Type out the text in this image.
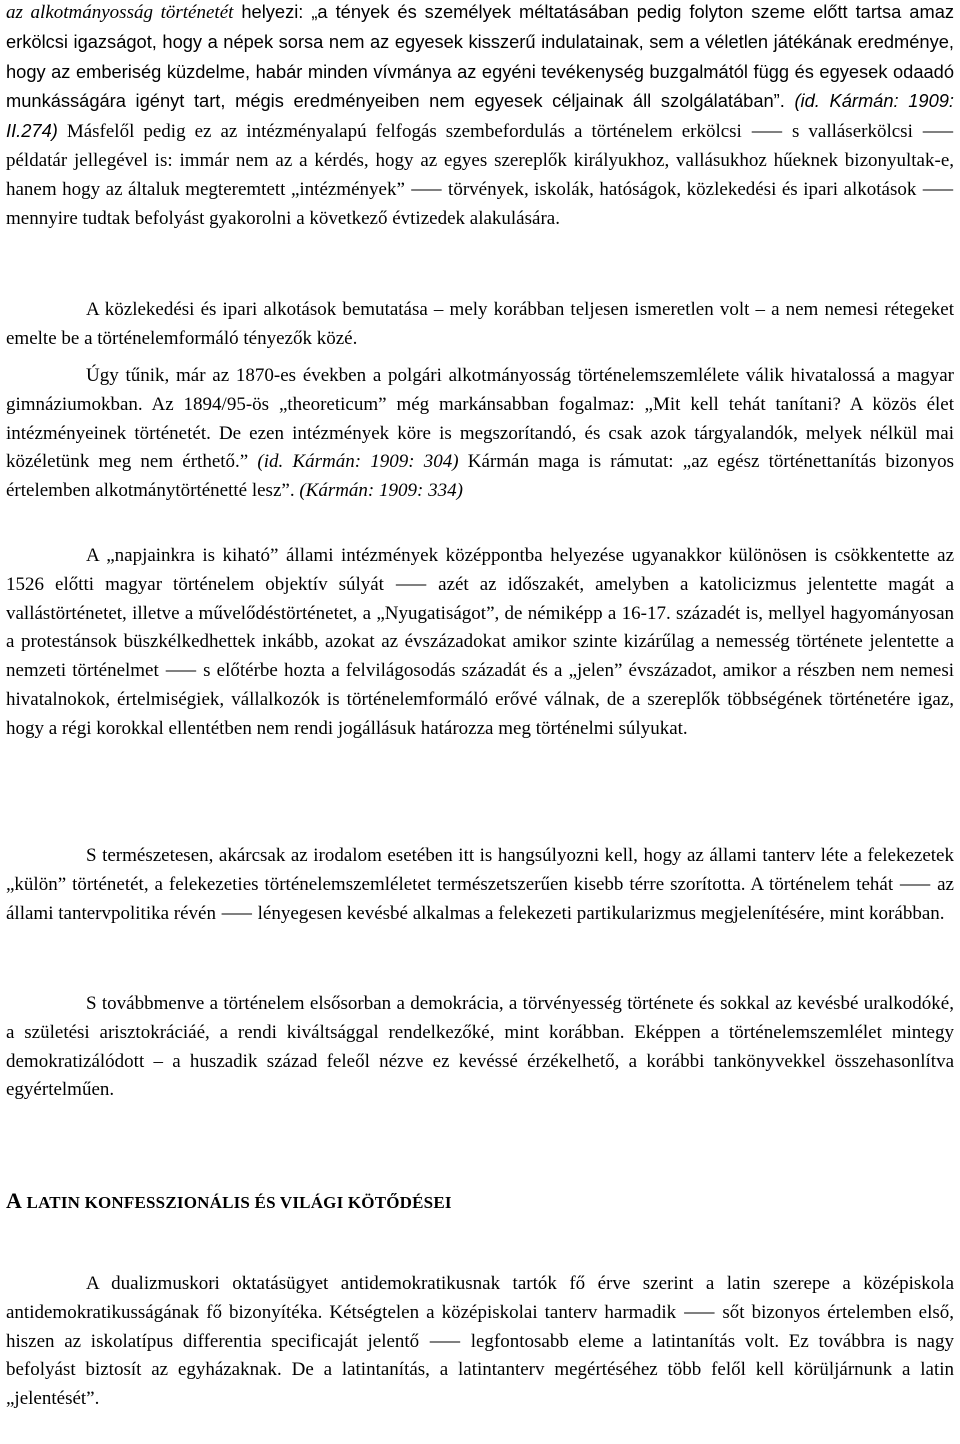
az alkotmányosság történetét helyezi: „a tények és személyek méltatásában pedig folyton szeme előtt tartsa amaz erkölcsi igazságot, hogy a népek sorsa nem az egyesek kisszerű indulatainak, sem a véletlen játékának eredménye, hogy az emberiség küzdelme, habár minden vívmánya az egyéni tevékenység buzgalmától függ és egyesek odaadó munkásságára igényt tart, mégis eredményeiben nem egyesek céljainak áll szolgálatában”. (id. Kármán: 1909: II.274) Másfelől pedig ez az intézményalapú felfogás szembefordulás a történelem erkölcsi ⸺ s valláserkölcsi ⸺ példatár jellegével is: immár nem az a kérdés, hogy az egyes szereplők királyukhoz, vallásukhoz hűeknek bizonyultak-e, hanem hogy az általuk megteremtett „intézmények” ⸺ törvények, iskolák, hatóságok, közlekedési és ipari alkotások ⸺ mennyire tudtak befolyást gyakorolni a következő évtizedek alakulására.

A közlekedési és ipari alkotások bemutatása – mely korábban teljesen ismeretlen volt – a nem nemesi rétegeket emelte be a történelemformáló tényezők közé.

Úgy tűnik, már az 1870-es években a polgári alkotmányosság történelemszemlélete válik hivatalossá a magyar gimnáziumokban. Az 1894/95-ös „theoreticum” még markánsabban fogalmaz: „Mit kell tehát tanítani? A közös élet intézményeinek történetét. De ezen intézmények köre is megszorítandó, és csak azok tárgyalandók, melyek nélkül mai közéletünk meg nem érthető.” (id. Kármán: 1909: 304) Kármán maga is rámutat: „az egész történettanítás bizonyos értelemben alkotmánytörténetté lesz”. (Kármán: 1909: 334)

A „napjainkra is kiható” állami intézmények középpontba helyezése ugyanakkor különösen is csökkentette az 1526 előtti magyar történelem objektív súlyát ⸺ azét az időszakét, amelyben a katolicizmus jelentette magát a vallástörténetet, illetve a művelődéstörténetet, a „Nyugatiságot”, de némiképp a 16-17. századét is, mellyel hagyományosan a protestánsok büszkélkedhettek inkább, azokat az évszázadokat amikor szinte kizárűlag a nemesség története jelentette a nemzeti történelmet ⸺ s előtérbe hozta a felvilágosodás századát és a „jelen” évszázadot, amikor a részben nem nemesi hivatalnokok, értelmiségiek, vállalkozók is történelemformáló erővé válnak, de a szereplők többségének történetére igaz, hogy a régi korokkal ellentétben nem rendi jogállásuk határozza meg történelmi súlyukat.

S természetesen, akárcsak az irodalom esetében itt is hangsúlyozni kell, hogy az állami tanterv léte a felekezetek „külön” történetét, a felekezeties történelemszemléletet természetszerűen kisebb térre szorította. A történelem tehát ⸺ az állami tantervpolitika révén ⸺ lényegesen kevésbé alkalmas a felekezeti partikularizmus megjelenítésére, mint korábban.

S továbbmenve a történelem elsősorban a demokrácia, a törvényesség története és sokkal az kevésbé uralkodóké, a születési arisztokráciáé, a rendi kiváltsággal rendelkezőké, mint korábban. Eképpen a történelemszemlélet mintegy demokratizálódott – a huszadik század feleől nézve ez kevéssé érzékelhető, a korábbi tankönyvekkel összehasonlítva egyértelműen.

A LATIN KONFESSZIONÁLIS ÉS VILÁGI KÖTŐDÉSEI

A dualizmuskori oktatásügyet antidemokratikusnak tartók fő érve szerint a latin szerepe a középiskola antidemokratikusságának fő bizonyítéka. Kétségtelen a középiskolai tanterv harmadik ⸺ sőt bizonyos értelemben első, hiszen az iskolatípus differentia specificaját jelentő ⸺ legfontosabb eleme a latintanítás volt. Ez továbbra is nagy befolyást biztosít az egyházaknak. De a latintanítás, a latintanterv megértéséhez több felől kell körüljárnunk a latin „jelentését”.
